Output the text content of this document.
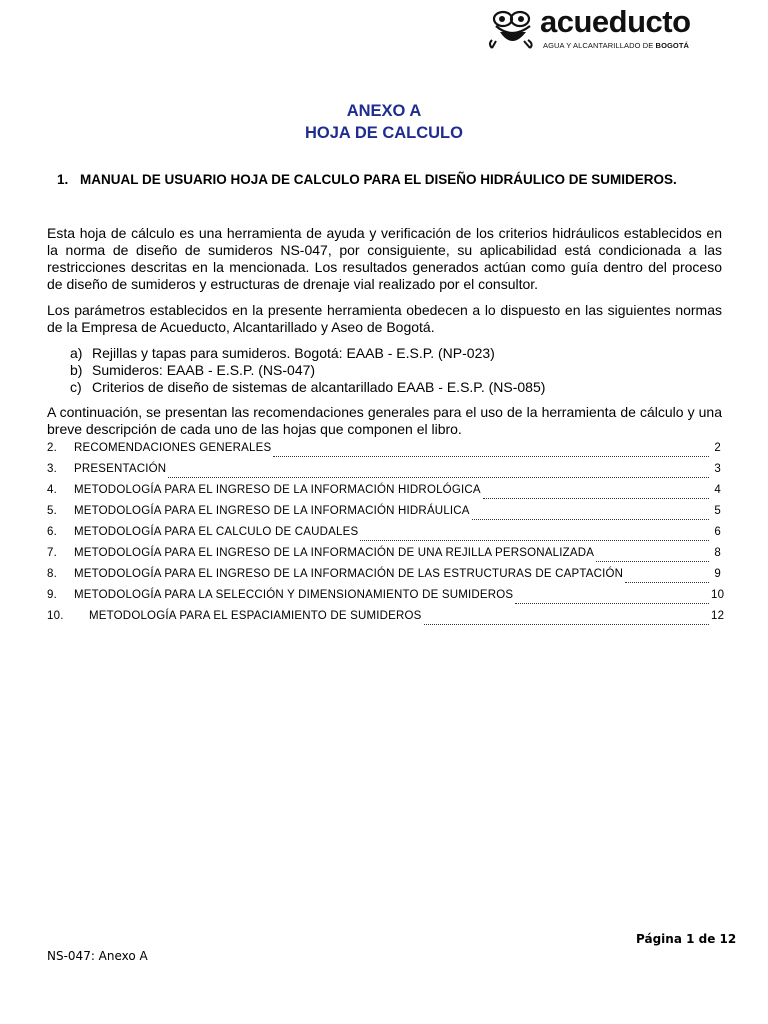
acueducto
AGUA Y ALCANTARILLADO DE BOGOTÁ
ANEXO A
HOJA DE CALCULO
1. MANUAL DE USUARIO HOJA DE CALCULO PARA EL DISEÑO HIDRÁULICO DE SUMIDEROS.

Esta hoja de cálculo es una herramienta de ayuda y verificación de los criterios hidráulicos establecidos en la norma de diseño de sumideros NS-047, por consiguiente, su aplicabilidad está condicionada a las restricciones descritas en la mencionada. Los resultados generados actúan como guía dentro del proceso de diseño de sumideros y estructuras de drenaje vial realizado por el consultor.

Los parámetros establecidos en la presente herramienta obedecen a lo dispuesto en las siguientes normas de la Empresa de Acueducto, Alcantarillado y Aseo de Bogotá.

a) Rejillas y tapas para sumideros. Bogotá: EAAB - E.S.P. (NP-023)
b) Sumideros: EAAB - E.S.P. (NS-047)
c) Criterios de diseño de sistemas de alcantarillado EAAB - E.S.P. (NS-085)

A continuación, se presentan las recomendaciones generales para el uso de la herramienta de cálculo y una breve descripción de cada uno de las hojas que componen el libro.

2.	RECOMENDACIONES GENERALES	2
3.	PRESENTACIÓN	3
4.	METODOLOGÍA PARA EL INGRESO DE LA INFORMACIÓN HIDROLÓGICA	4
5.	METODOLOGÍA PARA EL INGRESO DE LA INFORMACIÓN HIDRÁULICA	5
6.	METODOLOGÍA PARA EL CALCULO DE CAUDALES	6
7.	METODOLOGÍA PARA EL INGRESO DE LA INFORMACIÓN DE UNA REJILLA PERSONALIZADA	8
8.	METODOLOGÍA PARA EL INGRESO DE LA INFORMACIÓN DE LAS ESTRUCTURAS DE CAPTACIÓN	9
9.	METODOLOGÍA PARA LA SELECCIÓN Y DIMENSIONAMIENTO DE SUMIDEROS	10
10.	METODOLOGÍA PARA EL ESPACIAMIENTO DE SUMIDEROS	12
Página 1 de 12
NS-047: Anexo A
